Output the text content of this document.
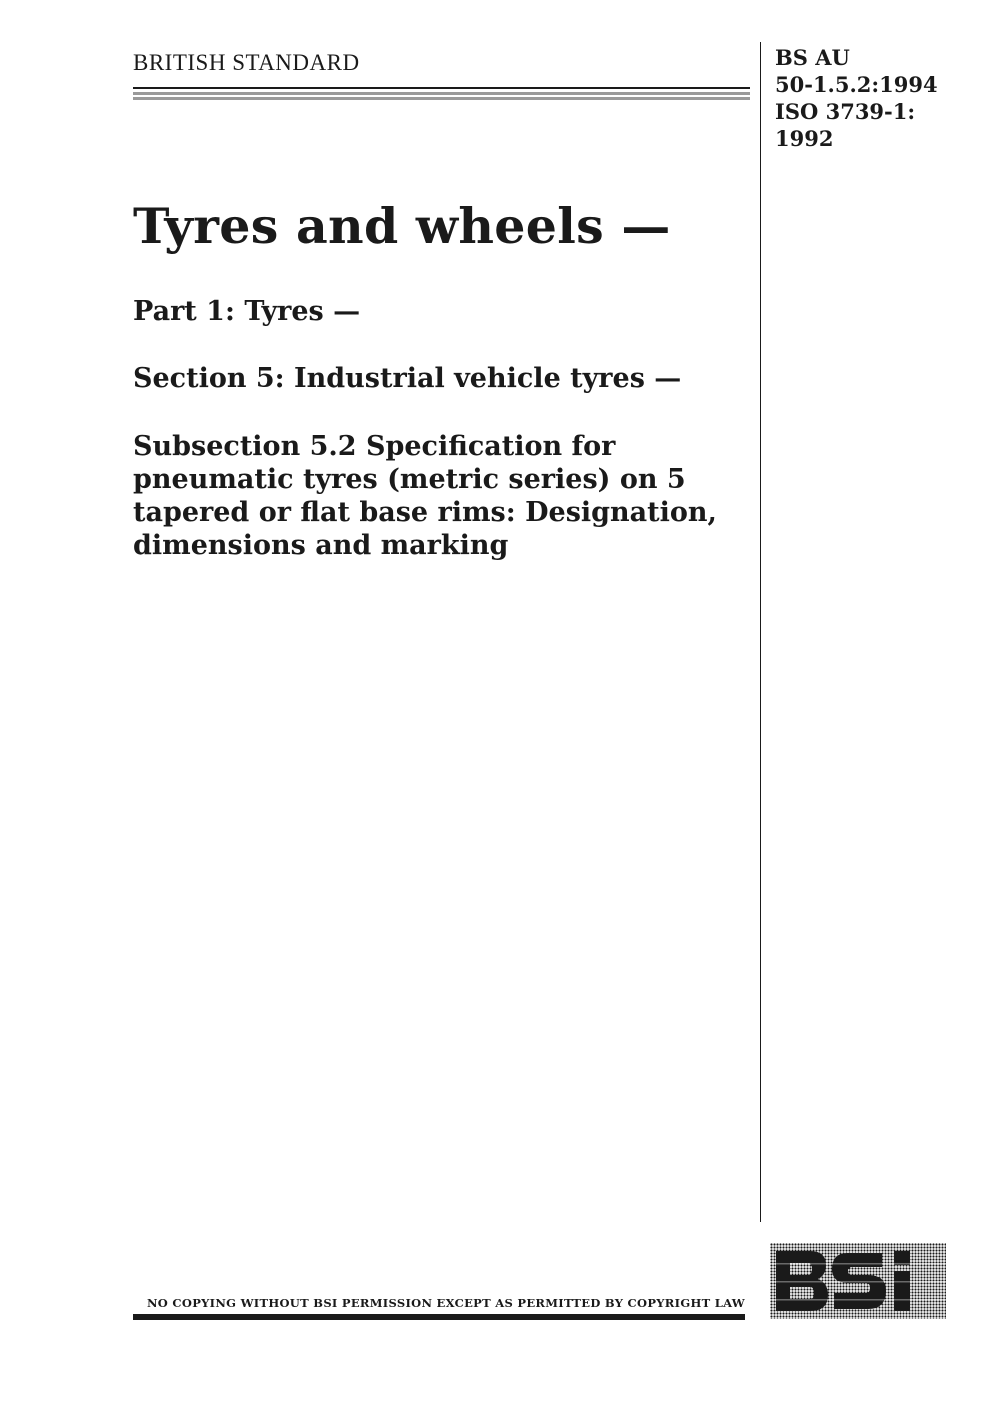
BRITISH STANDARD	BS AU
50-1.5.2:1994
ISO 3739-1:
1992
Tyres and wheels —
Part 1: Tyres —
Section 5: Industrial vehicle tyres —
Subsection 5.2 Specification for pneumatic tyres (metric series) on 5 tapered or flat base rims: Designation, dimensions and marking
NO COPYING WITHOUT BSI PERMISSION EXCEPT AS PERMITTED BY COPYRIGHT LAW
